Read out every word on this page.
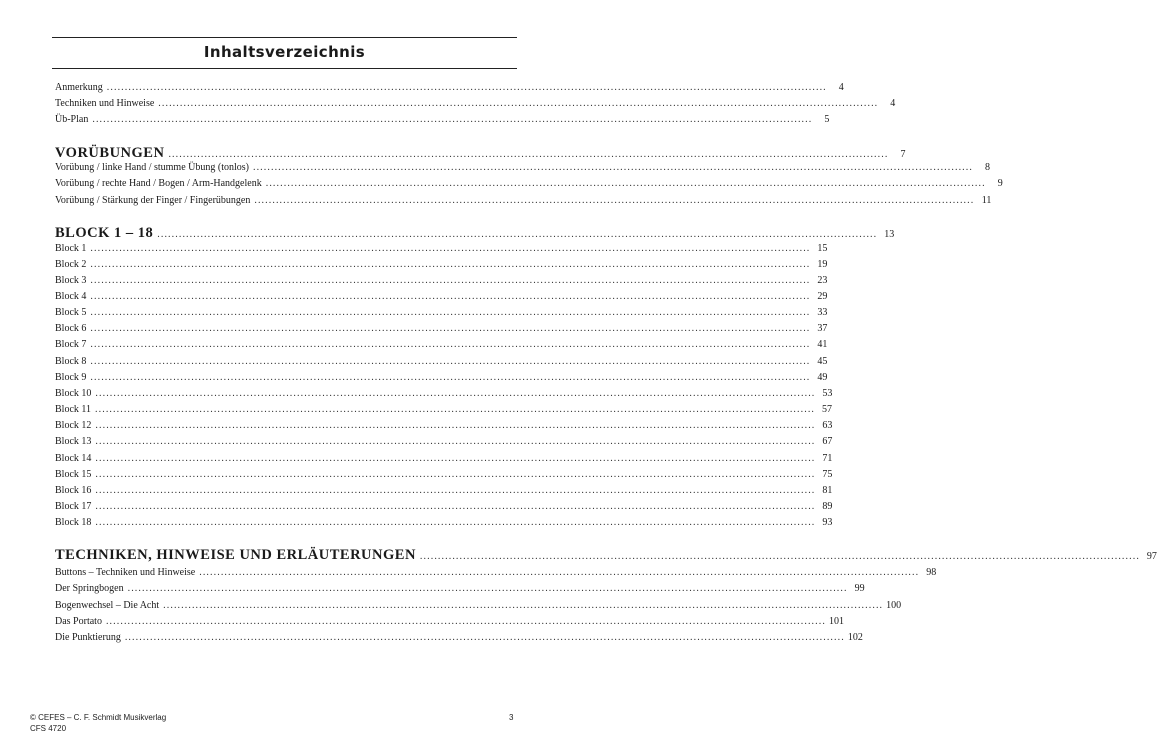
Inhaltsverzeichnis
Anmerkung ........................................................................................................................................................................................................	4
Techniken und Hinweise ........................................................................................................................................................................................................	4
Üb-Plan ........................................................................................................................................................................................................	5
VORÜBUNGEN ........................................................................................................................................................................................................	7
Vorübung / linke Hand / stumme Übung (tonlos) ........................................................................................................................................................................................................	8
Vorübung / rechte Hand / Bogen / Arm-Handgelenk ........................................................................................................................................................................................................	9
Vorübung / Stärkung der Finger / Fingerübungen ........................................................................................................................................................................................................ 11
BLOCK 1 – 18 ........................................................................................................................................................................................................ 13
Block 1 ........................................................................................................................................................................................................ 15
Block 2 ........................................................................................................................................................................................................ 19
Block 3 ........................................................................................................................................................................................................ 23
Block 4 ........................................................................................................................................................................................................ 29
Block 5 ........................................................................................................................................................................................................ 33
Block 6 ........................................................................................................................................................................................................ 37
Block 7 ........................................................................................................................................................................................................ 41
Block 8 ........................................................................................................................................................................................................ 45
Block 9 ........................................................................................................................................................................................................ 49
Block 10 ........................................................................................................................................................................................................ 53
Block 11 ........................................................................................................................................................................................................ 57
Block 12 ........................................................................................................................................................................................................ 63
Block 13 ........................................................................................................................................................................................................ 67
Block 14 ........................................................................................................................................................................................................ 71
Block 15 ........................................................................................................................................................................................................ 75
Block 16 ........................................................................................................................................................................................................ 81
Block 17 ........................................................................................................................................................................................................ 89
Block 18 ........................................................................................................................................................................................................ 93
TECHNIKEN, HINWEISE UND ERLÄUTERUNGEN ........................................................................................................................................................................................................ 97
Buttons – Techniken und Hinweise ........................................................................................................................................................................................................ 98
Der Springbogen ........................................................................................................................................................................................................ 99
Bogenwechsel – Die Acht ........................................................................................................................................................................................................ 100
Das Portato ........................................................................................................................................................................................................ 101
Die Punktierung ........................................................................................................................................................................................................ 102
© CEFES – C. F. Schmidt Musikverlag
CFS 4720
3
